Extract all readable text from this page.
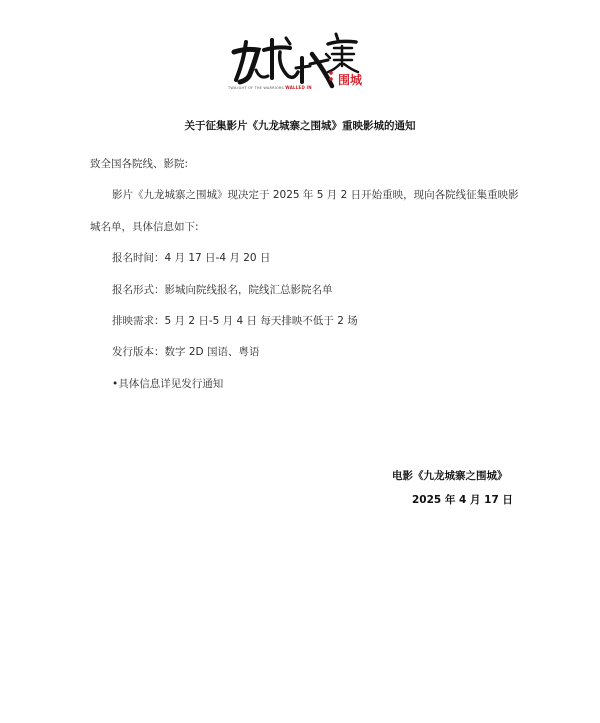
围城
TWILIGHT OF THE WARRIORS WALLED IN
关于征集影片《九龙城寨之围城》重映影城的通知
致全国各院线、影院:
影片《九龙城寨之围城》现决定于 2025 年 5 月 2 日开始重映，现向各院线征集重映影
城名单，具体信息如下:
报名时间：4 月 17 日-4 月 20 日
报名形式：影城向院线报名，院线汇总影院名单
排映需求：5 月 2 日-5 月 4 日 每天排映不低于 2 场
发行版本：数字 2D 国语、粤语
•具体信息详见发行通知
电影《九龙城寨之围城》
2025 年 4 月 17 日
